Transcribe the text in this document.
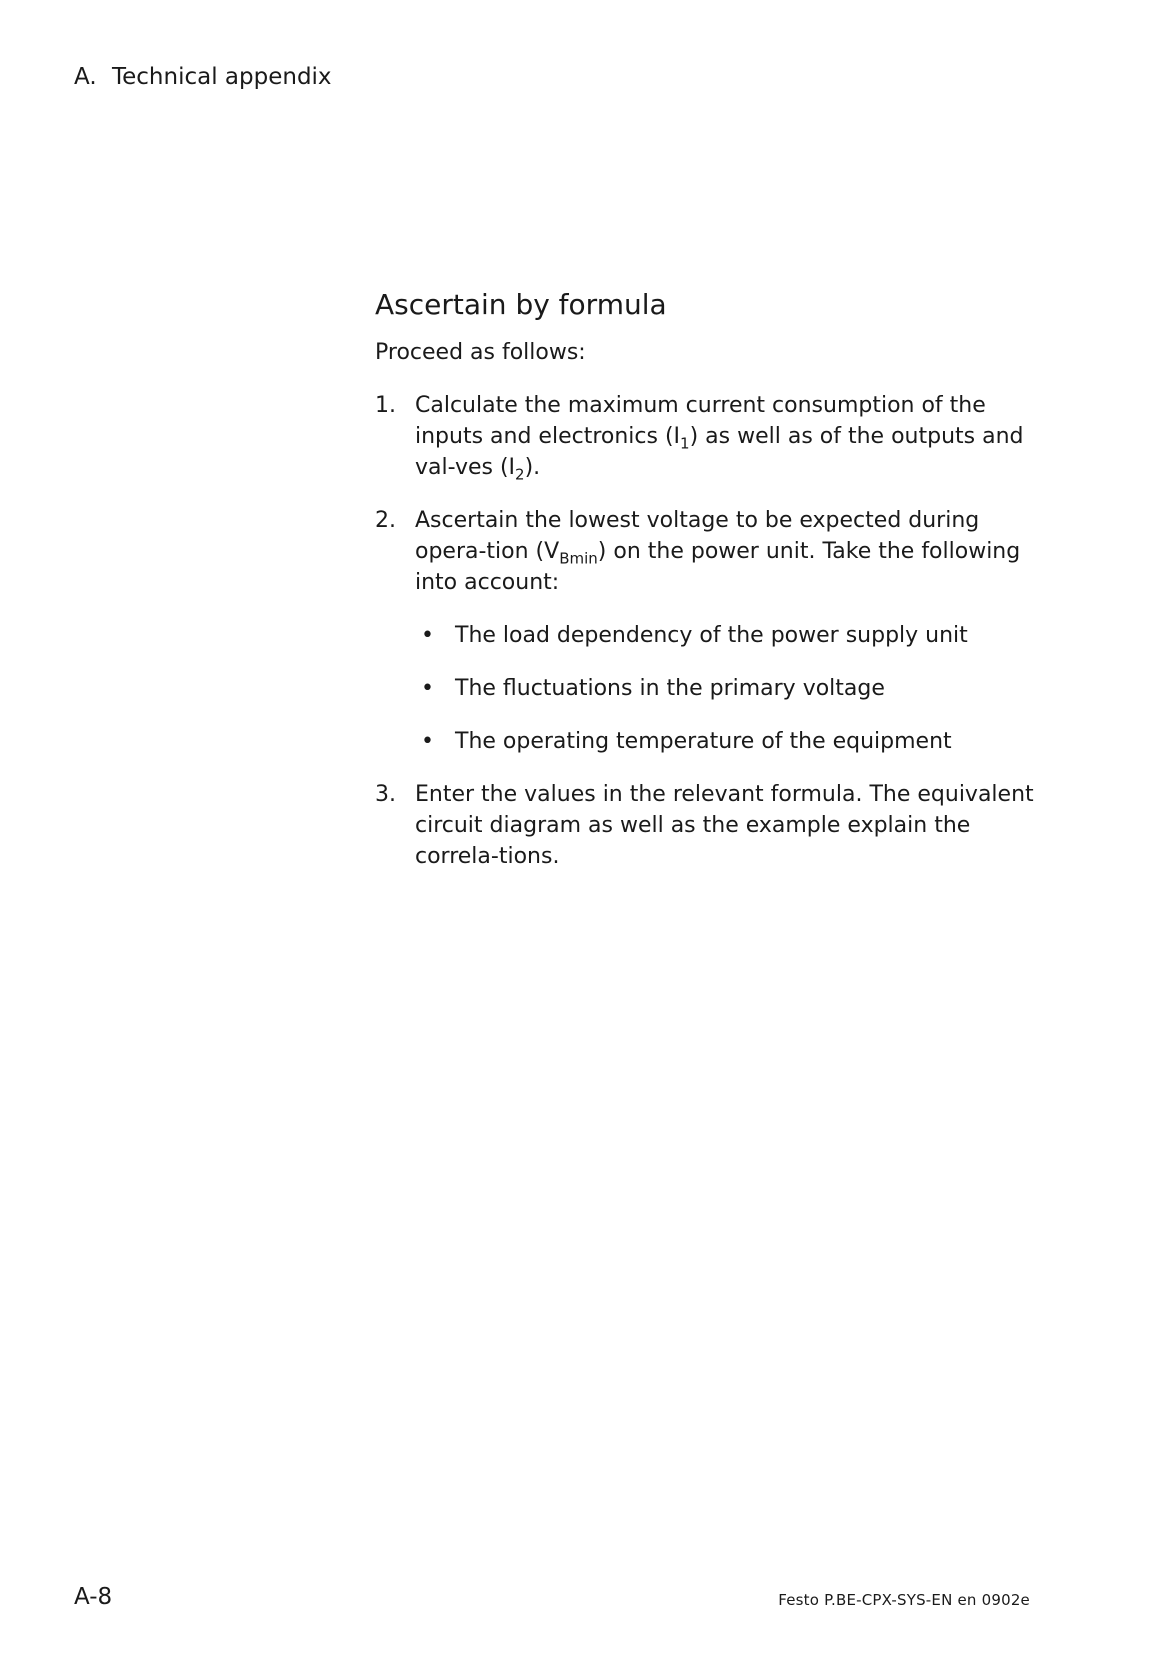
A. Technical appendix
Ascertain by formula

Proceed as follows:

1. Calculate the maximum current consumption of the inputs and electronics $(I_1)$ as well as of the outputs and val-ves $(I_2)$.
2. Ascertain the lowest voltage to be expected during opera-tion $(V_{Bmin})$ on the power unit. Take the following into account:
• The load dependency of the power supply unit
• The fluctuations in the primary voltage
• The operating temperature of the equipment
3. Enter the values in the relevant formula. The equivalent circuit diagram as well as the example explain the correla-tions.
A-8	Festo P.BE-CPX-SYS-EN en 0902e
